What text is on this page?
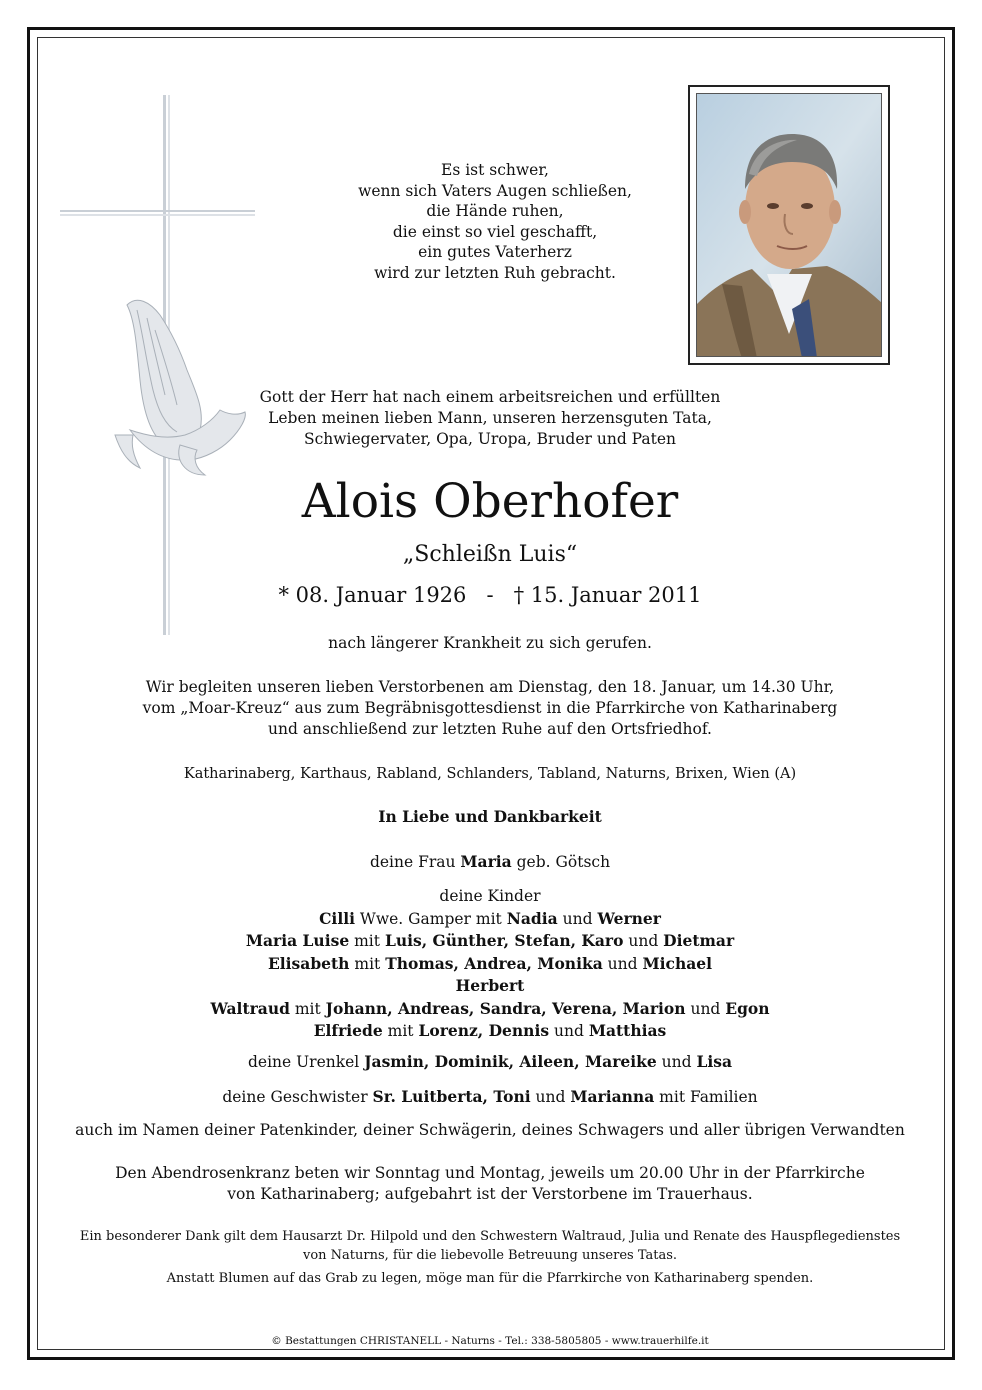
Es ist schwer,
wenn sich Vaters Augen schließen,
die Hände ruhen,
die einst so viel geschafft,
ein gutes Vaterherz
wird zur letzten Ruh gebracht.
Gott der Herr hat nach einem arbeitsreichen und erfüllten
Leben meinen lieben Mann, unseren herzensguten Tata,
Schwiegervater, Opa, Uropa, Bruder und Paten
Alois Oberhofer
„Schleißn Luis“
* 08. Januar 1926 - † 15. Januar 2011
nach längerer Krankheit zu sich gerufen.
Wir begleiten unseren lieben Verstorbenen am Dienstag, den 18. Januar, um 14.30 Uhr,
vom „Moar-Kreuz“ aus zum Begräbnisgottesdienst in die Pfarrkirche von Katharinaberg
und anschließend zur letzten Ruhe auf den Ortsfriedhof.
Katharinaberg, Karthaus, Rabland, Schlanders, Tabland, Naturns, Brixen, Wien (A)
In Liebe und Dankbarkeit
deine Frau Maria geb. Götsch
deine Kinder
Cilli Wwe. Gamper mit Nadia und Werner
Maria Luise mit Luis, Günther, Stefan, Karo und Dietmar
Elisabeth mit Thomas, Andrea, Monika und Michael
Herbert
Waltraud mit Johann, Andreas, Sandra, Verena, Marion und Egon
Elfriede mit Lorenz, Dennis und Matthias
deine Urenkel Jasmin, Dominik, Aileen, Mareike und Lisa
deine Geschwister Sr. Luitberta, Toni und Marianna mit Familien
auch im Namen deiner Patenkinder, deiner Schwägerin, deines Schwagers und aller übrigen Verwandten
Den Abendrosenkranz beten wir Sonntag und Montag, jeweils um 20.00 Uhr in der Pfarrkirche
von Katharinaberg; aufgebahrt ist der Verstorbene im Trauerhaus.
Ein besonderer Dank gilt dem Hausarzt Dr. Hilpold und den Schwestern Waltraud, Julia und Renate des Hauspflegedienstes
von Naturns, für die liebevolle Betreuung unseres Tatas.
Anstatt Blumen auf das Grab zu legen, möge man für die Pfarrkirche von Katharinaberg spenden.
© Bestattungen CHRISTANELL - Naturns - Tel.: 338-5805805 - www.trauerhilfe.it
